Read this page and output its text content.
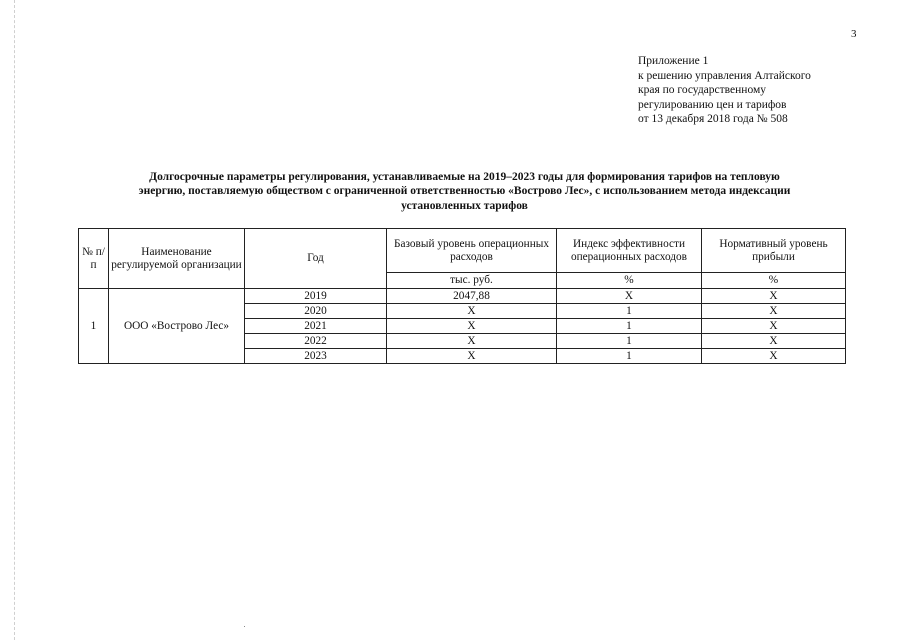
3
Приложение 1
к решению управления Алтайского
края по государственному
регулированию цен и тарифов
от 13 декабря 2018 года № 508
Долгосрочные параметры регулирования, устанавливаемые на 2019–2023 годы для формирования тарифов на тепловую
энергию, поставляемую обществом с ограниченной ответственностью «Вострово Лес», с использованием метода индексации
установленных тарифов
№ п/п	Наименование регулируемой организации	Год	Базовый уровень операционных расходов	Индекс эффективности операционных расходов	Нормативный уровень прибыли
			тыс. руб.	%	%
1	ООО «Вострово Лес»	2019	2047,88	X	X
		2020	X	1	X
		2021	X	1	X
		2022	X	1	X
		2023	X	1	X
